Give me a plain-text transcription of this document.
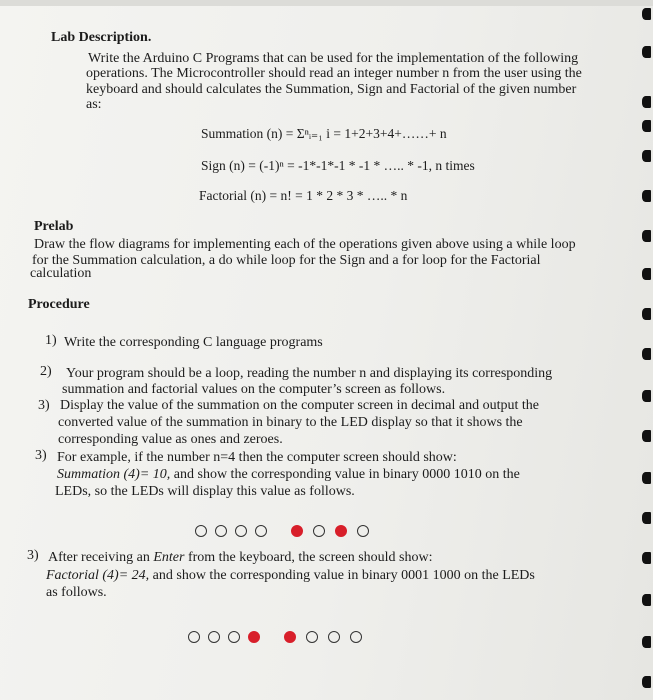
Lab Description.
Write the Arduino C Programs that can be used for the implementation of the following
operations. The Microcontroller should read an integer number n from the user using the
keyboard and should calculates the Summation, Sign and Factorial of the given number
as:
Summation (n) = Σⁿᵢ₌₁ i = 1+2+3+4+……+ n
Sign (n) = (-1)ⁿ = -1*-1*-1 * -1 * ….. * -1, n times
Factorial (n) = n! = 1 * 2 * 3 * ….. * n
Prelab
Draw the flow diagrams for implementing each of the operations given above using a while loop
for the Summation calculation, a do while loop for the Sign and a for loop for the Factorial
calculation
Procedure
1) Write the corresponding C language programs
2) Your program should be a loop, reading the number n and displaying its corresponding
summation and factorial values on the computer’s screen as follows.
3) Display the value of the summation on the computer screen in decimal and output the
converted value of the summation in binary to the LED display so that it shows the
corresponding value as ones and zeroes.
3) For example, if the number n=4 then the computer screen should show:
Summation (4)= 10, and show the corresponding value in binary 0000 1010 on the
LEDs, so the LEDs will display this value as follows.
3) After receiving an Enter from the keyboard, the screen should show:
Factorial (4)= 24, and show the corresponding value in binary 0001 1000 on the LEDs
as follows.
